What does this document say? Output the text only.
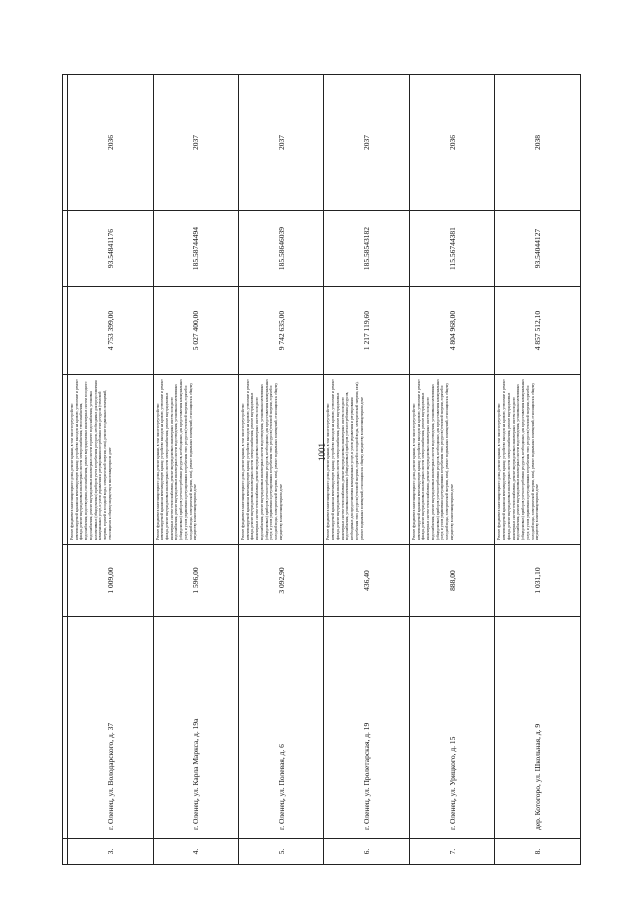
1001

3.	г. Оленец, ул. Володарского, д. 37	1 009,00	Ремонт фундамента многоквартирного дома, ремонт крыши, в том числе переустройство невентилируемой крыши на вентилируемую крышу, устройство выходов на кровлю, утепление и ремонт фасада, ремонт внутридомовых инженерных систем электроснабжения, теплоснабжения, водоснабжения, водоотведения, газоснабжения, ремонт внутридомовых инженерных систем холодного водоснабжения, ремонт внутридомовых инженерных систем горячего водоснабжения, установка коллективных (общедомовых) приборов учета потребления ресурсов, необходимых для предоставления коммунальных услуг, и узлов управления и регулирования потребления этих ресурсов (тепловой энергии, горячей и холодной воды, электрической энергии, газа), ремонт подвальных помещений, относящихся к общему имуществу в многоквартирном доме	4 753 399,00	93.54841176	2036
4.	г. Оленец, ул. Карла Маркса, д. 19а	1 596,00	Ремонт фундамента многоквартирного дома, ремонт крыши, в том числе переустройство невентилируемой крыши на вентилируемую крышу, устройство выходов на кровлю, утепление и ремонт фасада, ремонт внутридомовых инженерных систем электроснабжения, ремонт внутридомовых инженерных систем теплоснабжения, ремонт внутридомовых инженерных систем холодного водоснабжения, ремонт внутридомовых инженерных систем водоотведения, установка коллективных (общедомовых) приборов учета потребления ресурсов, необходимых для предоставления коммунальных услуг, и узлов управления и регулирования потребления этих ресурсов (тепловой энергии, горячей и холодной воды, электрической энергии, газа), ремонт подвальных помещений, относящихся к общему имуществу в многоквартирном доме	5 027 400,00	185.58744494	2037
5.	г. Оленец, ул. Полевая, д. 6	3 092,90	Ремонт фундамента многоквартирного дома, ремонт крыши, в том числе переустройство невентилируемой крыши на вентилируемую крышу, устройство выходов на кровлю, утепление и ремонт фасада, ремонт внутридомовых инженерных систем электроснабжения, ремонт внутридомовых инженерных систем теплоснабжения, ремонт внутридомовых инженерных систем холодного водоснабжения, ремонт внутридомовых инженерных систем водоотведения, установка коллективных (общедомовых) приборов учета потребления ресурсов, необходимых для предоставления коммунальных услуг, и узлов управления и регулирования потребления этих ресурсов (тепловой энергии, горячей и холодной воды, электрической энергии, газа), ремонт подвальных помещений, относящихся к общему имуществу в многоквартирном доме	9 742 635,00	185.58646039	2037
6.	г. Оленец, ул. Пролетарская, д. 19	436,40	Ремонт фундамента многоквартирного дома, ремонт крыши, в том числе переустройство невентилируемой крыши на вентилируемую крышу, устройство выходов на кровлю, утепление и ремонт фасада, ремонт внутридомовых инженерных систем электроснабжения, ремонт внутридомовых инженерных систем теплоснабжения, ремонт внутридомовых инженерных систем холодного водоснабжения, установка коллективных (общедомовых) приборов учета потребления ресурсов, необходимых для предоставления коммунальных услуг, и узлов управления и регулирования потребления этих ресурсов (тепловой энергии, горячей и холодной воды, электрической энергии, газа), ремонт подвальных помещений, относящихся к общему имуществу в многоквартирном доме	1 217 119,60	185.58543182	2037
7.	г. Оленец, ул. Урицкого, д. 15	888,00	Ремонт фундамента многоквартирного дома, ремонт крыши, в том числе переустройство невентилируемой крыши на вентилируемую крышу, устройство выходов на кровлю, утепление и ремонт фасада, ремонт внутридомовых инженерных систем электроснабжения, ремонт внутридомовых инженерных систем теплоснабжения, ремонт внутридомовых инженерных систем холодного водоснабжения, ремонт внутридомовых инженерных систем водоотведения, установка коллективных (общедомовых) приборов учета потребления ресурсов, необходимых для предоставления коммунальных услуг, и узлов управления и регулирования потребления этих ресурсов (тепловой энергии, горячей и холодной воды, электрической энергии, газа), ремонт подвальных помещений, относящихся к общему имуществу в многоквартирном доме	4 804 968,00	115.56744381	2036
8.	дер. Котогоро, ул. Школьная, д. 9	1 031,10	Ремонт фундамента многоквартирного дома, ремонт крыши, в том числе переустройство невентилируемой крыши на вентилируемую крышу, устройство выходов на кровлю, утепление и ремонт фасада, ремонт внутридомовых инженерных систем электроснабжения, ремонт внутридомовых инженерных систем теплоснабжения, ремонт внутридомовых инженерных систем холодного водоснабжения, ремонт внутридомовых инженерных систем водоотведения, установка коллективных (общедомовых) приборов учета потребления ресурсов, необходимых для предоставления коммунальных услуг, и узлов управления и регулирования потребления этих ресурсов (тепловой энергии, горячей и холодной воды, электрической энергии, газа), ремонт подвальных помещений, относящихся к общему имуществу в многоквартирном доме	4 857 512,10	93.54044127	2038
